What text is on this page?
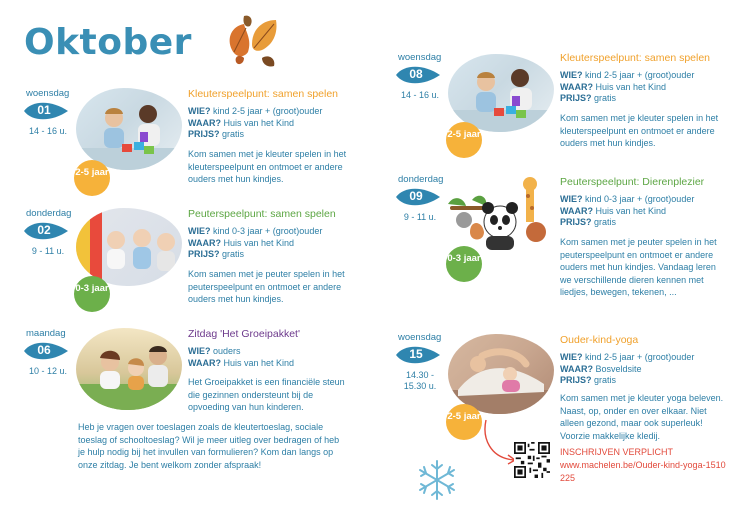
Oktober
woensdag
01
14 - 16 u.
2-5 jaar
Kleuterspeelpunt: samen spelen
WIE? kind 2-5 jaar + (groot)ouder
WAAR? Huis van het Kind
PRIJS? gratis
Kom samen met je kleuter spelen in het kleuterspeelpunt en ontmoet er andere ouders met hun kindjes.
donderdag
02
9 - 11 u.
0-3 jaar
Peuterspeelpunt: samen spelen
WIE? kind 0-3 jaar + (groot)ouder
WAAR? Huis van het Kind
PRIJS? gratis
Kom samen met je peuter spelen in het peuterspeelpunt en ontmoet er andere ouders met hun kindjes.
maandag
06
10 - 12 u.
Zitdag 'Het Groeipakket'
WIE? ouders
WAAR? Huis van het Kind
Het Groeipakket is een financiële steun die gezinnen ondersteunt bij de opvoeding van hun kinderen.
Heb je vragen over toeslagen zoals de kleutertoeslag, sociale toeslag of schooltoeslag? Wil je meer uitleg over bedragen of heb je hulp nodig bij het invullen van formulieren? Kom dan langs op onze zitdag. Je bent welkom zonder afspraak!
woensdag
08
14 - 16 u.
2-5 jaar
Kleuterspeelpunt: samen spelen
WIE? kind 2-5 jaar + (groot)ouder
WAAR? Huis van het Kind
PRIJS? gratis
Kom samen met je kleuter spelen in het kleuterspeelpunt en ontmoet er andere ouders met hun kindjes.
donderdag
09
9 - 11 u.
0-3 jaar
Peuterspeelpunt: Dierenplezier
WIE? kind 0-3 jaar + (groot)ouder
WAAR? Huis van het Kind
PRIJS? gratis
Kom samen met je peuter spelen in het peuterspeelpunt en ontmoet er andere ouders met hun kindjes. Vandaag leren we verschillende dieren kennen met liedjes, bewegen, tekenen, ...
woensdag
15
14.30 - 15.30 u.
2-5 jaar
Ouder-kind-yoga
WIE? kind 2-5 jaar + (groot)ouder
WAAR? Bosveldsite
PRIJS? gratis
Kom samen met je kleuter yoga beleven. Naast, op, onder en over elkaar. Niet alleen gezond, maar ook superleuk! Voorzie makkelijke kledij.
INSCHRIJVEN VERPLICHT
www.machelen.be/Ouder-kind-yoga-1510225
